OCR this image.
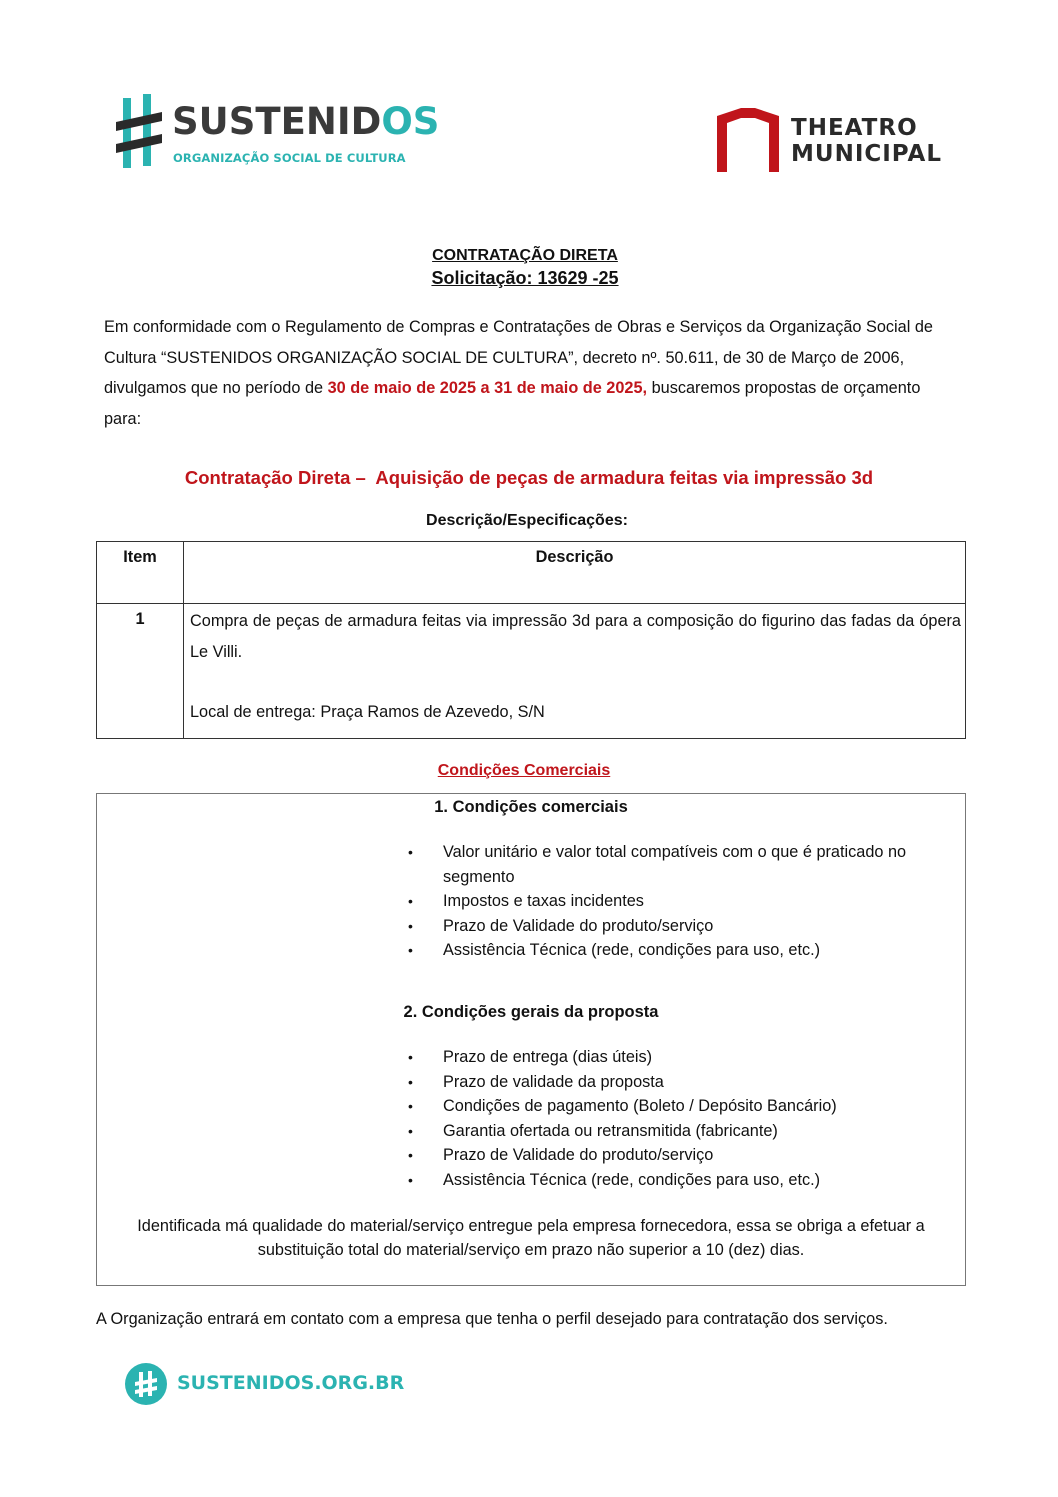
SUSTENIDOS
ORGANIZAÇÃO SOCIAL DE CULTURA
THEATRO
MUNICIPAL
CONTRATAÇÃO DIRETA
Solicitação: 13629 -25
Em conformidade com o Regulamento de Compras e Contratações de Obras e Serviços da Organização Social de Cultura “SUSTENIDOS ORGANIZAÇÃO SOCIAL DE CULTURA”, decreto nº. 50.611, de 30 de Março de 2006, divulgamos que no período de 30 de maio de 2025 a 31 de maio de 2025, buscaremos propostas de orçamento para:
Contratação Direta –  Aquisição de peças de armadura feitas via impressão 3d
Descrição/Especificações:
Item	Descrição
1	Compra de peças de armadura feitas via impressão 3d para a composição do figurino das fadas da ópera Le Villi.
Local de entrega: Praça Ramos de Azevedo, S/N
Condições Comerciais
1. Condições comerciais
• Valor unitário e valor total compatíveis com o que é praticado no segmento
• Impostos e taxas incidentes
• Prazo de Validade do produto/serviço
• Assistência Técnica (rede, condições para uso, etc.)
2. Condições gerais da proposta
• Prazo de entrega (dias úteis)
• Prazo de validade da proposta
• Condições de pagamento (Boleto / Depósito Bancário)
• Garantia ofertada ou retransmitida (fabricante)
• Prazo de Validade do produto/serviço
• Assistência Técnica (rede, condições para uso, etc.)
Identificada má qualidade do material/serviço entregue pela empresa fornecedora, essa se obriga a efetuar a substituição total do material/serviço em prazo não superior a 10 (dez) dias.
A Organização entrará em contato com a empresa que tenha o perfil desejado para contratação dos serviços.
SUSTENIDOS.ORG.BR
